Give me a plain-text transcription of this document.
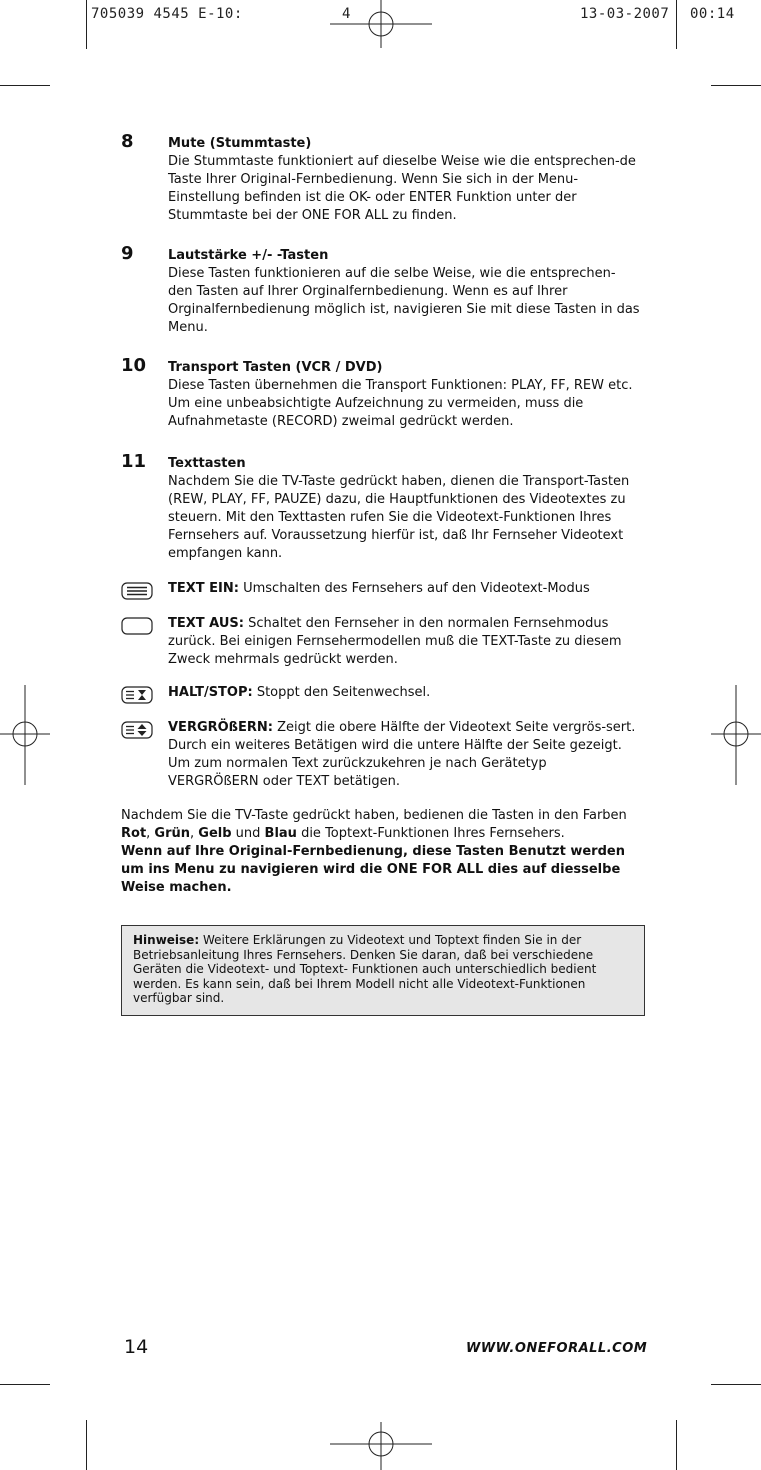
705039 4545 E-10:	4	13-03-2007 00:14
8	Mute (Stummtaste)
Die Stummtaste funktioniert auf dieselbe Weise wie die entsprechen-de Taste Ihrer Original-Fernbedienung. Wenn Sie sich in der Menu-Einstellung befinden ist die OK- oder ENTER Funktion unter der Stummtaste bei der ONE FOR ALL zu finden.
9	Lautstärke +/- -Tasten
Diese Tasten funktionieren auf die selbe Weise, wie die entsprechen-den Tasten auf Ihrer Orginalfernbedienung. Wenn es auf Ihrer Orginalfernbedienung möglich ist, navigieren Sie mit diese Tasten in das Menu.
10 Transport Tasten (VCR / DVD)
Diese Tasten übernehmen die Transport Funktionen: PLAY, FF, REW etc. Um eine unbeabsichtigte Aufzeichnung zu vermeiden, muss die Aufnahmetaste (RECORD) zweimal gedrückt werden.
11 Texttasten
Nachdem Sie die TV-Taste gedrückt haben, dienen die Transport-Tasten (REW, PLAY, FF, PAUZE) dazu, die Hauptfunktionen des Videotextes zu steuern. Mit den Texttasten rufen Sie die Videotext-Funktionen Ihres Fernsehers auf. Voraussetzung hierfür ist, daß Ihr Fernseher Videotext empfangen kann.
TEXT EIN: Umschalten des Fernsehers auf den Videotext-Modus
TEXT AUS: Schaltet den Fernseher in den normalen Fernsehmodus zurück. Bei einigen Fernsehermodellen muß die TEXT-Taste zu diesem Zweck mehrmals gedrückt werden.
HALT/STOP: Stoppt den Seitenwechsel.
VERGRÖßERN: Zeigt die obere Hälfte der Videotext Seite vergrös-sert. Durch ein weiteres Betätigen wird die untere Hälfte der Seite gezeigt. Um zum normalen Text zurückzukehren je nach Gerätetyp VERGRÖßERN oder TEXT betätigen.
Nachdem Sie die TV-Taste gedrückt haben, bedienen die Tasten in den Farben Rot, Grün, Gelb und Blau die Toptext-Funktionen Ihres Fernsehers.
Wenn auf Ihre Original-Fernbedienung, diese Tasten Benutzt werden um ins Menu zu navigieren wird die ONE FOR ALL dies auf diesselbe Weise machen.
Hinweise: Weitere Erklärungen zu Videotext und Toptext finden Sie in der Betriebsanleitung Ihres Fernsehers. Denken Sie daran, daß bei verschiedene Geräten die Videotext- und Toptext- Funktionen auch unterschiedlich bedient werden. Es kann sein, daß bei Ihrem Modell nicht alle Videotext-Funktionen verfügbar sind.
14	WWW.ONEFORALL.COM
